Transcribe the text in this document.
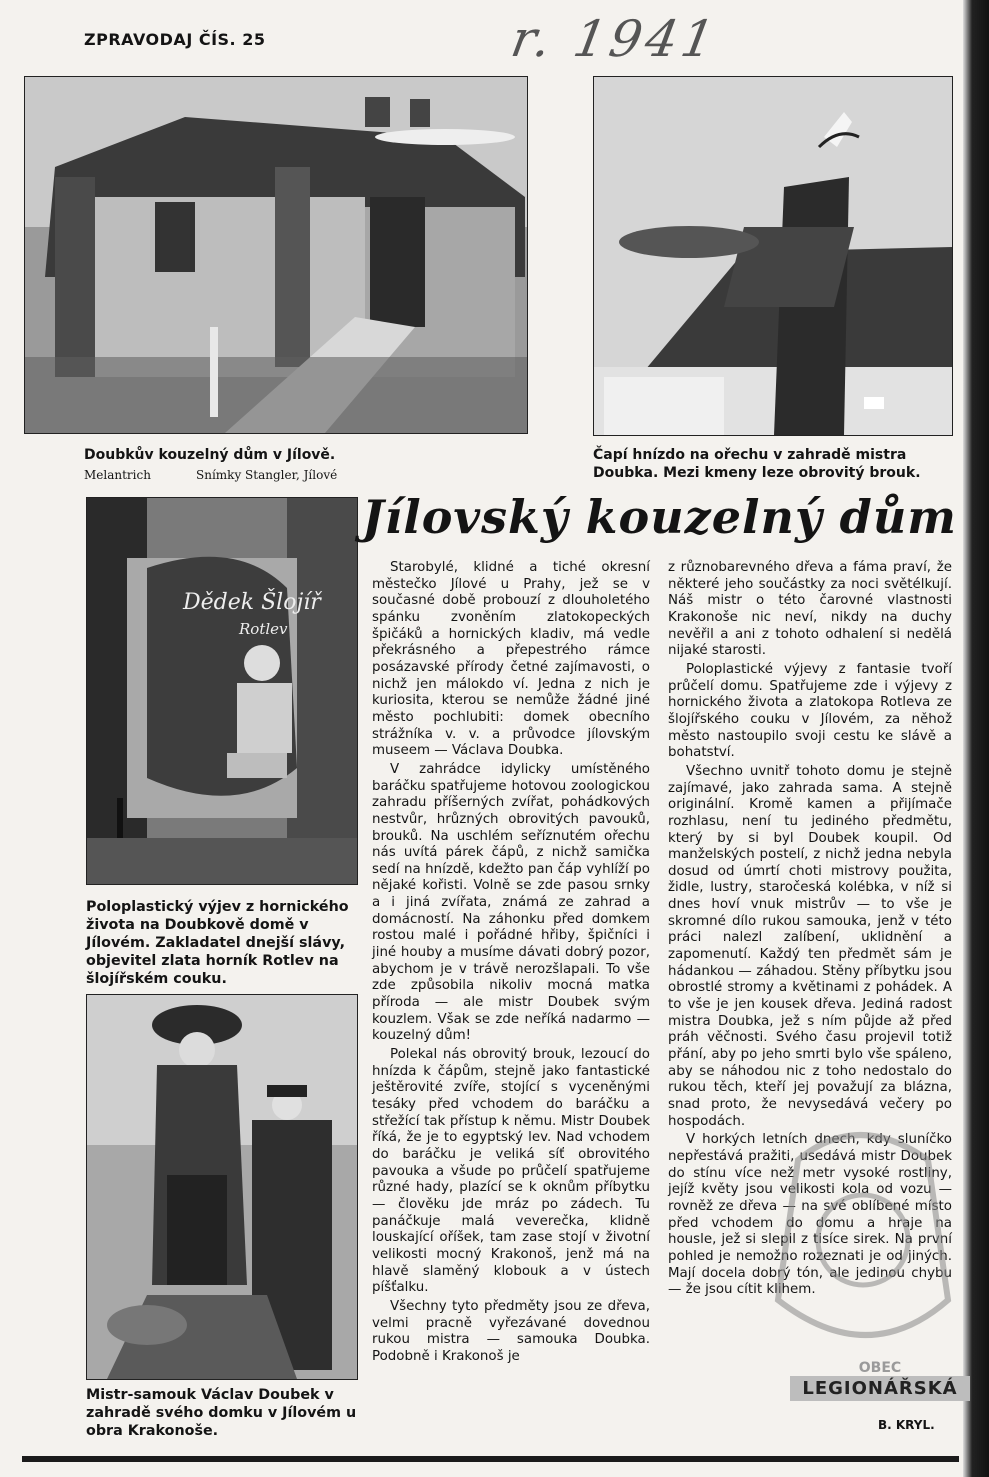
ZPRAVODAJ ČÍS. 25	r. 1941
Doubkův kouzelný dům v Jílově.
Melantrich	Snímky Stangler, Jílové
Čapí hnízdo na ořechu v zahradě mistra Doubka. Mezi kmeny leze obrovitý brouk.
Dědek Šlojíř
Rotlev
Poloplastický výjev z hornického života na Doubkově domě v Jílovém. Zakladatel dnejší slávy, objevitel zlata horník Rotlev na šlojířském couku.
Mistr-samouk Václav Doubek v zahradě svého domku v Jílovém u obra Krakonoše.
Jílovský kouzelný dům

Starobylé, klidné a tiché okresní městečko Jílové u Prahy, jež se v současné době probouzí z dlouholetého spánku zvoněním zlatokopeckých špičáků a hornických kladiv, má vedle překrásného a přepestrého rámce posázavské přírody četné zajímavosti, o nichž jen málokdo ví. Jedna z nich je kuriosita, kterou se nemůže žádné jiné město pochlubiti: domek obecního strážníka v. v. a průvodce jílovským museem — Václava Doubka.

V zahrádce idylicky umístěného baráčku spatřujeme hotovou zoologickou zahradu příšerných zvířat, pohádkových nestvůr, hrůzných obrovitých pavouků, brouků. Na uschlém seříznutém ořechu nás uvítá párek čápů, z nichž samička sedí na hnízdě, kdežto pan čáp vyhlíží po nějaké kořisti. Volně se zde pasou srnky a i jiná zvířata, známá ze zahrad a domácností. Na záhonku před domkem rostou malé i pořádné hřiby, špičníci i jiné houby a musíme dávati dobrý pozor, abychom je v trávě nerozšlapali. To vše zde způsobila nikoliv mocná matka příroda — ale mistr Doubek svým kouzlem. Však se zde neříká nadarmo — kouzelný dům!

Polekal nás obrovitý brouk, lezoucí do hnízda k čápům, stejně jako fantastické ještěrovité zvíře, stojící s vyceněnými tesáky před vchodem do baráčku a střežící tak přístup k němu. Mistr Doubek říká, že je to egyptský lev. Nad vchodem do baráčku je veliká síť obrovitého pavouka a všude po průčelí spatřujeme různé hady, plazící se k oknům příbytku — člověku jde mráz po zádech. Tu panáčkuje malá veverečka, klidně louskající oříšek, tam zase stojí v životní velikosti mocný Krakonoš, jenž má na hlavě slaměný klobouk a v ústech píšťalku.

Všechny tyto předměty jsou ze dřeva, velmi pracně vyřezávané dovednou rukou mistra — samouka Doubka. Podobně i Krakonoš je

z různobarevného dřeva a fáma praví, že některé jeho součástky za noci světélkují. Náš mistr o této čarovné vlastnosti Krakonoše nic neví, nikdy na duchy nevěřil a ani z tohoto odhalení si nedělá nijaké starosti.

Poloplastické výjevy z fantasie tvoří průčelí domu. Spatřujeme zde i výjevy z hornického života a zlatokopa Rotleva ze šlojířského couku v Jílovém, za něhož město nastoupilo svoji cestu ke slávě a bohatství.

Všechno uvnitř tohoto domu je stejně zajímavé, jako zahrada sama. A stejně originální. Kromě kamen a přijímače rozhlasu, není tu jediného předmětu, který by si byl Doubek koupil. Od manželských postelí, z nichž jedna nebyla dosud od úmrtí choti mistrovy použita, židle, lustry, staročeská kolébka, v níž si dnes hoví vnuk mistrův — to vše je skromné dílo rukou samouka, jenž v této práci nalezl zalíbení, uklidnění a zapomenutí. Každý ten předmět sám je hádankou — záhadou. Stěny příbytku jsou obrostlé stromy a květinami z pohádek. A to vše je jen kousek dřeva. Jediná radost mistra Doubka, jež s ním půjde až před práh věčnosti. Svého času projevil totiž přání, aby po jeho smrti bylo vše spáleno, aby se náhodou nic z toho nedostalo do rukou těch, kteří jej považují za blázna, snad proto, že nevysedává večery po hospodách.

V horkých letních dnech, kdy sluníčko nepřestává pražiti, usedává mistr Doubek do stínu více než metr vysoké rostliny, jejíž květy jsou velikosti kola od vozu — rovněž ze dřeva — na své oblíbené místo před vchodem do domu a hraje na housle, jež si slepil z tisíce sirek. Na první pohled je nemožno rozeznati je od jiných. Mají docela dobrý tón, ale jedinou chybu — že jsou cítit klihem.

B. KRYL.
OBEC
LEGIONÁŘSKÁ
